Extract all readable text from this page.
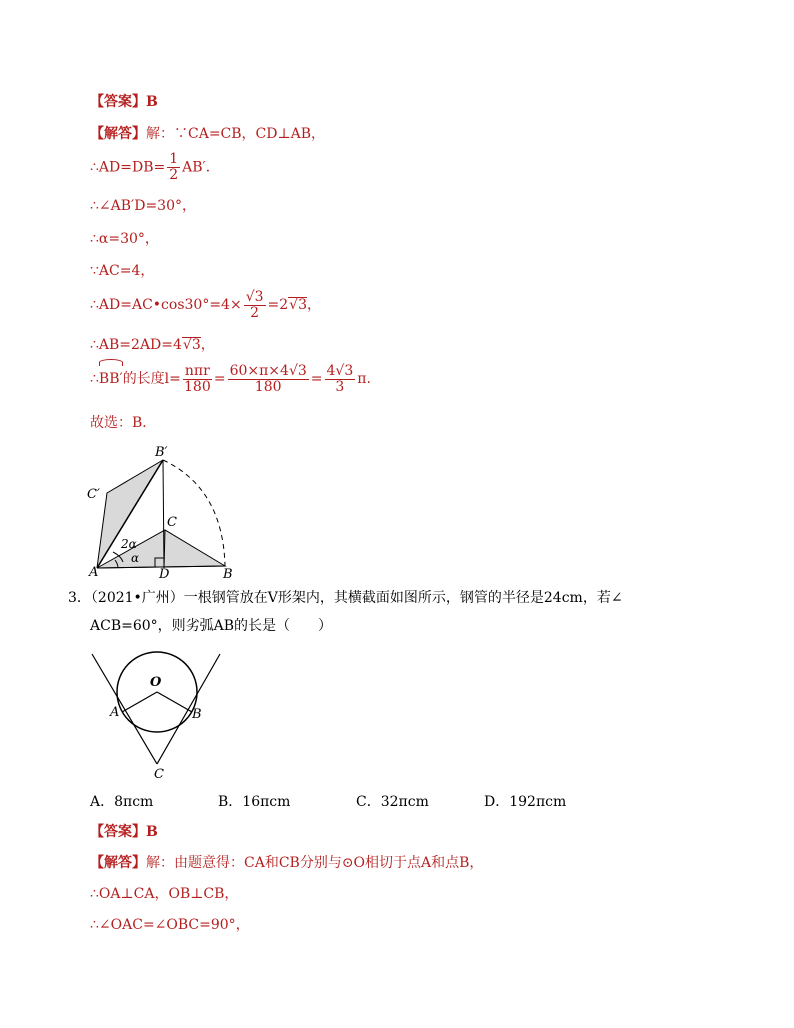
【答案】B
【解答】解：∵CA=CB，CD⊥AB，
∴AD=DB= $\frac{1}{2} AB'$．
∴∠AB′D=30°，
∴α=30°，
∵AC=4，
∴AD=AC•cos30°=4× $\frac{√3}{2} =2√3$，
∴AB=2AD=4√3，
∴
BB′的长度$l= \frac{\text{nπr}}{180} = \frac{60\times\pi\times 4√3}{180} = \frac{4√3}{3} \pi$.
故选：B．
B′
C′
C
2α
α
A	D	B
3．（2021•广州）一根钢管放在V形架内，其横截面如图所示，钢管的半径是24cm，若∠
ACB=60°，则劣弧AB的长是（　　）
O
A	B
C
A．8πcm	B．16πcm	C．32πcm	D．192πcm
【答案】B
【解答】解：由题意得：CA和CB分别与⊙O相切于点A和点B，
∴OA⊥CA，OB⊥CB，
∴∠OAC=∠OBC=90°，
